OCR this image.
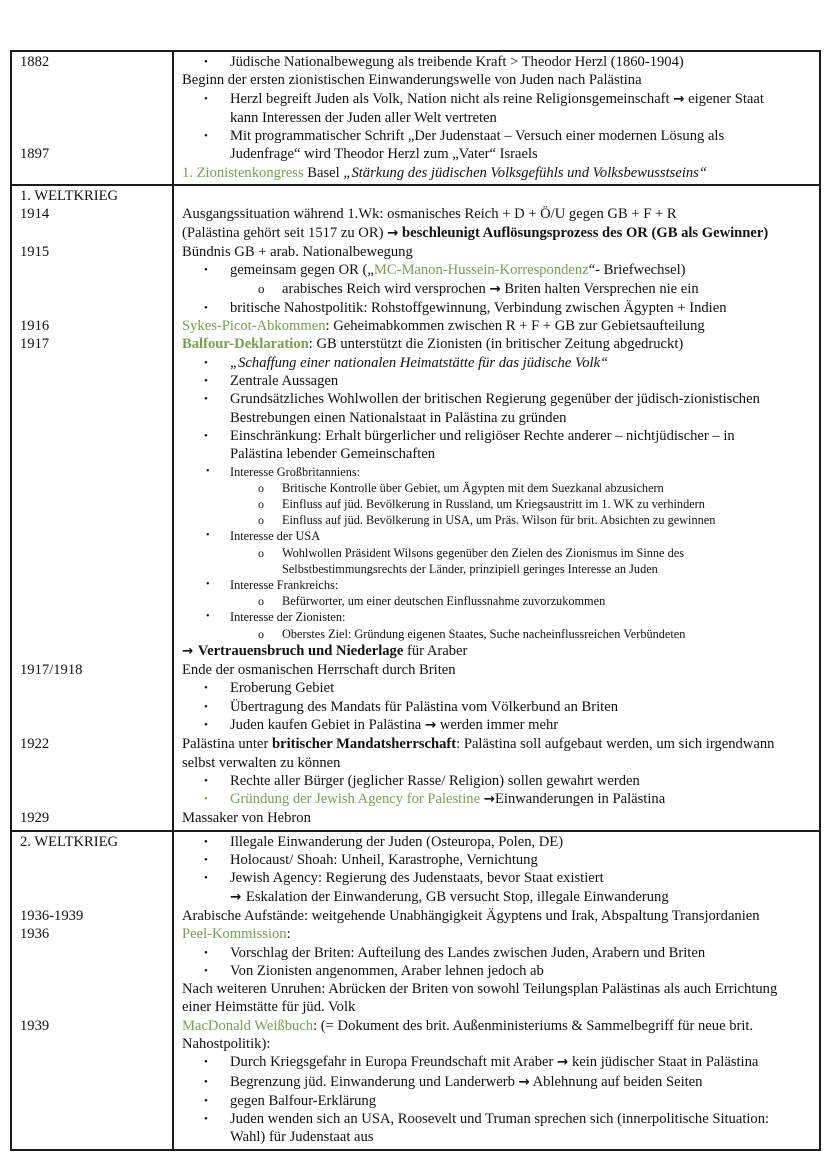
1882
1897
• Jüdische Nationalbewegung als treibende Kraft > Theodor Herzl (1860-1904)
Beginn der ersten zionistischen Einwanderungswelle von Juden nach Palästina
• Herzl begreift Juden als Volk, Nation nicht als reine Religionsgemeinschaft → eigener Staat
kann Interessen der Juden aller Welt vertreten
• Mit programmatischer Schrift „Der Judenstaat – Versuch einer modernen Lösung als
Judenfrage“ wird Theodor Herzl zum „Vater“ Israels
1. Zionistenkongress Basel „Stärkung des jüdischen Volksgefühls und Volksbewusstseins“
1. WELTKRIEG
1914
1915
1916
1917
1917/1918
1922
1929
Ausgangssituation während 1.Wk: osmanisches Reich + D + Ö/U gegen GB + F + R
(Palästina gehört seit 1517 zu OR) → beschleunigt Auflösungsprozess des OR (GB als Gewinner)
Bündnis GB + arab. Nationalbewegung
• gemeinsam gegen OR („MC-Manon-Hussein-Korrespondenz“- Briefwechsel)
o arabisches Reich wird versprochen → Briten halten Versprechen nie ein
• britische Nahostpolitik: Rohstoffgewinnung, Verbindung zwischen Ägypten + Indien
Sykes-Picot-Abkommen: Geheimabkommen zwischen R + F + GB zur Gebietsaufteilung
Balfour-Deklaration: GB unterstützt die Zionisten (in britischer Zeitung abgedruckt)
• „Schaffung einer nationalen Heimatstätte für das jüdische Volk“
• Zentrale Aussagen
• Grundsätzliches Wohlwollen der britischen Regierung gegenüber der jüdisch-zionistischen
Bestrebungen einen Nationalstaat in Palästina zu gründen
• Einschränkung: Erhalt bürgerlicher und religiöser Rechte anderer – nichtjüdischer – in
Palästina lebender Gemeinschaften
• Interesse Großbritanniens:
o Britische Kontrolle über Gebiet, um Ägypten mit dem Suezkanal abzusichern
o Einfluss auf jüd. Bevölkerung in Russland, um Kriegsaustritt im 1. WK zu verhindern
o Einfluss auf jüd. Bevölkerung in USA, um Präs. Wilson für brit. Absichten zu gewinnen
• Interesse der USA
o Wohlwollen Präsident Wilsons gegenüber den Zielen des Zionismus im Sinne des
Selbstbestimmungsrechts der Länder, prinzipiell geringes Interesse an Juden
• Interesse Frankreichs:
o Befürworter, um einer deutschen Einflussnahme zuvorzukommen
• Interesse der Zionisten:
o Oberstes Ziel: Gründung eigenen Staates, Suche nacheinflussreichen Verbündeten
→ Vertrauensbruch und Niederlage für Araber
Ende der osmanischen Herrschaft durch Briten
• Eroberung Gebiet
• Übertragung des Mandats für Palästina vom Völkerbund an Briten
• Juden kaufen Gebiet in Palästina → werden immer mehr
Palästina unter britischer Mandatsherrschaft: Palästina soll aufgebaut werden, um sich irgendwann
selbst verwalten zu können
• Rechte aller Bürger (jeglicher Rasse/ Religion) sollen gewahrt werden
• Gründung der Jewish Agency for Palestine →Einwanderungen in Palästina
Massaker von Hebron
2. WELTKRIEG
1936-1939
1936
1939
• Illegale Einwanderung der Juden (Osteuropa, Polen, DE)
• Holocaust/ Shoah: Unheil, Karastrophe, Vernichtung
• Jewish Agency: Regierung des Judenstaats, bevor Staat existiert
→ Eskalation der Einwanderung, GB versucht Stop, illegale Einwanderung
Arabische Aufstände: weitgehende Unabhängigkeit Ägyptens und Irak, Abspaltung Transjordanien
Peel-Kommission:
• Vorschlag der Briten: Aufteilung des Landes zwischen Juden, Arabern und Briten
• Von Zionisten angenommen, Araber lehnen jedoch ab
Nach weiteren Unruhen: Abrücken der Briten von sowohl Teilungsplan Palästinas als auch Errichtung
einer Heimstätte für jüd. Volk
MacDonald Weißbuch: (= Dokument des brit. Außenministeriums & Sammelbegriff für neue brit.
Nahostpolitik):
• Durch Kriegsgefahr in Europa Freundschaft mit Araber → kein jüdischer Staat in Palästina
• Begrenzung jüd. Einwanderung und Landerwerb → Ablehnung auf beiden Seiten
• gegen Balfour-Erklärung
• Juden wenden sich an USA, Roosevelt und Truman sprechen sich (innerpolitische Situation:
Wahl) für Judenstaat aus
